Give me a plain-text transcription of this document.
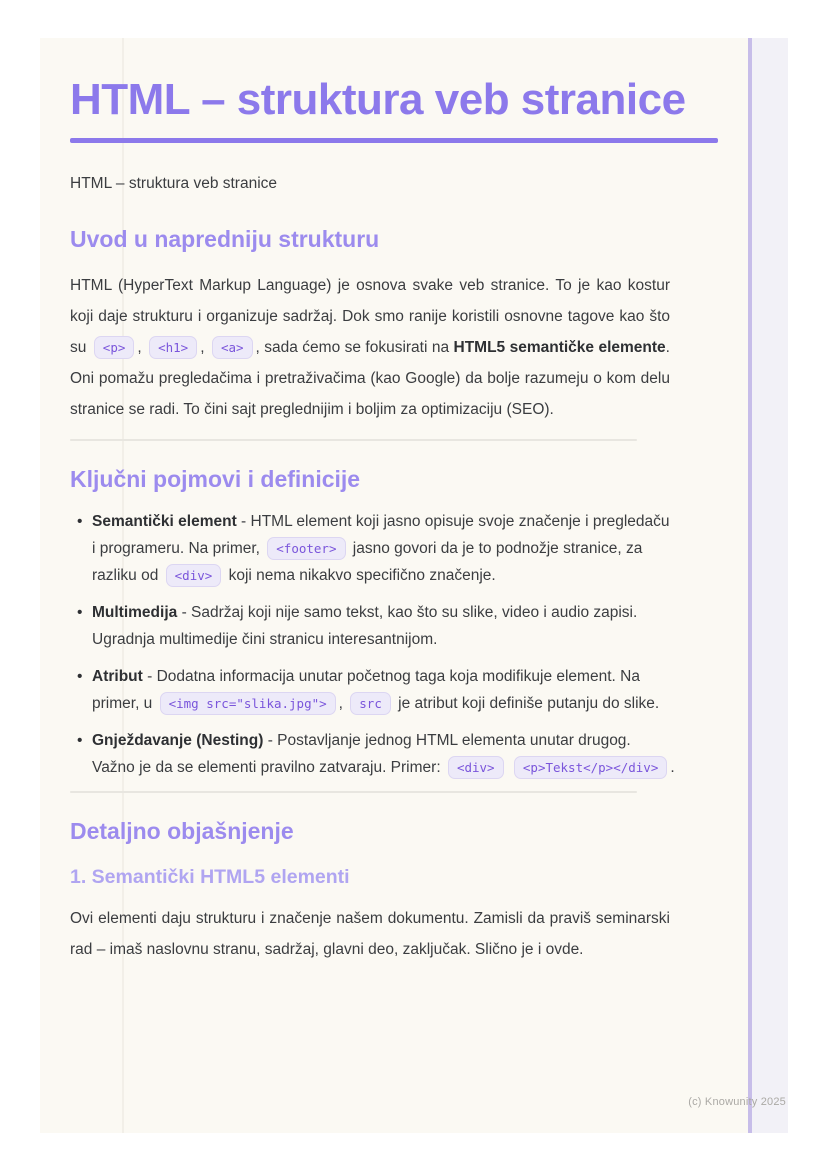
HTML – struktura veb stranice

HTML – struktura veb stranice

Uvod u napredniju strukturu

HTML (HyperText Markup Language) je osnova svake veb stranice. To je kao kostur koji daje strukturu i organizuje sadržaj. Dok smo ranije koristili osnovne tagove kao što su <p> , <h1> , <a> , sada ćemo se fokusirati na HTML5 semantičke elemente. Oni pomažu pregledačima i pretraživačima (kao Google) da bolje razumeju o kom delu stranice se radi. To čini sajt preglednijim i boljim za optimizaciju (SEO).

Ključni pojmovi i definicije
• Semantički element - HTML element koji jasno opisuje svoje značenje i pregledaču i programeru. Na primer, <footer> jasno govori da je to podnožje stranice, za razliku od <div> koji nema nikakvo specifično značenje.
• Multimedija - Sadržaj koji nije samo tekst, kao što su slike, video i audio zapisi. Ugradnja multimedije čini stranicu interesantnijom.
• Atribut - Dodatna informacija unutar početnog taga koja modifikuje element. Na primer, u <img src="slika.jpg"> , src je atribut koji definiše putanju do slike.
• Gnježdavanje (Nesting) - Postavljanje jednog HTML elementa unutar drugog. Važno je da se elementi pravilno zatvaraju. Primer: <div> <p>Tekst</p></div> .
Detaljno objašnjenje
1. Semantički HTML5 elementi

Ovi elementi daju strukturu i značenje našem dokumentu. Zamisli da praviš seminarski rad – imaš naslovnu stranu, sadržaj, glavni deo, zaključak. Slično je i ovde.

(c) Knowunity 2025
